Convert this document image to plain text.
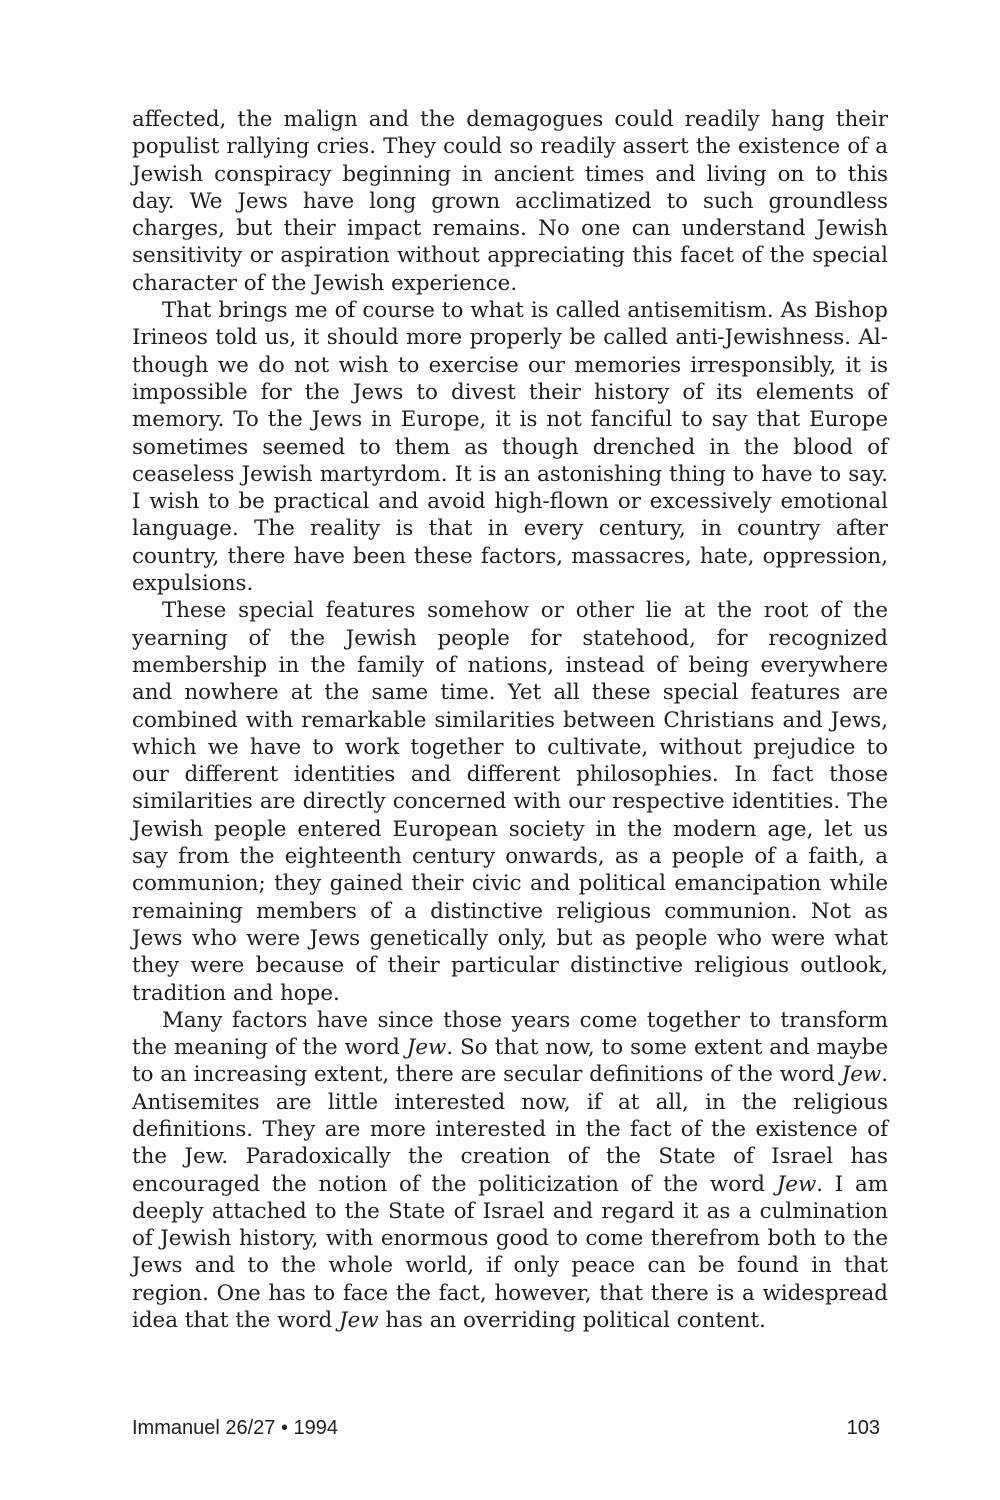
affected, the malign and the demagogues could readily hang their populist rallying cries. They could so readily assert the existence of a Jewish conspiracy beginning in ancient times and living on to this day. We Jews have long grown acclimatized to such groundless charges, but their impact remains. No one can understand Jewish sensitivity or aspiration without appreciating this facet of the special character of the Jewish experience.

That brings me of course to what is called antisemitism. As Bishop Irineos told us, it should more properly be called anti-Jewishness. Although we do not wish to exercise our memories irresponsibly, it is impossible for the Jews to divest their history of its elements of memory. To the Jews in Europe, it is not fanciful to say that Europe sometimes seemed to them as though drenched in the blood of ceaseless Jewish martyrdom. It is an astonishing thing to have to say. I wish to be practical and avoid high-flown or excessively emotional language. The reality is that in every century, in country after country, there have been these factors, massacres, hate, oppression, expulsions.

These special features somehow or other lie at the root of the yearning of the Jewish people for statehood, for recognized membership in the family of nations, instead of being everywhere and nowhere at the same time. Yet all these special features are combined with remarkable similarities between Christians and Jews, which we have to work together to cultivate, without prejudice to our different identities and different philosophies. In fact those similarities are directly concerned with our respective identities. The Jewish people entered European society in the modern age, let us say from the eighteenth century onwards, as a people of a faith, a communion; they gained their civic and political emancipation while remaining members of a distinctive religious communion. Not as Jews who were Jews genetically only, but as people who were what they were because of their particular distinctive religious outlook, tradition and hope.

Many factors have since those years come together to transform the meaning of the word Jew. So that now, to some extent and maybe to an increasing extent, there are secular definitions of the word Jew. Antisemites are little interested now, if at all, in the religious definitions. They are more interested in the fact of the existence of the Jew. Paradoxically the creation of the State of Israel has encouraged the notion of the politicization of the word Jew. I am deeply attached to the State of Israel and regard it as a culmination of Jewish history, with enormous good to come therefrom both to the Jews and to the whole world, if only peace can be found in that region. One has to face the fact, however, that there is a widespread idea that the word Jew has an overriding political content.

Immanuel 26/27 • 1994	103
